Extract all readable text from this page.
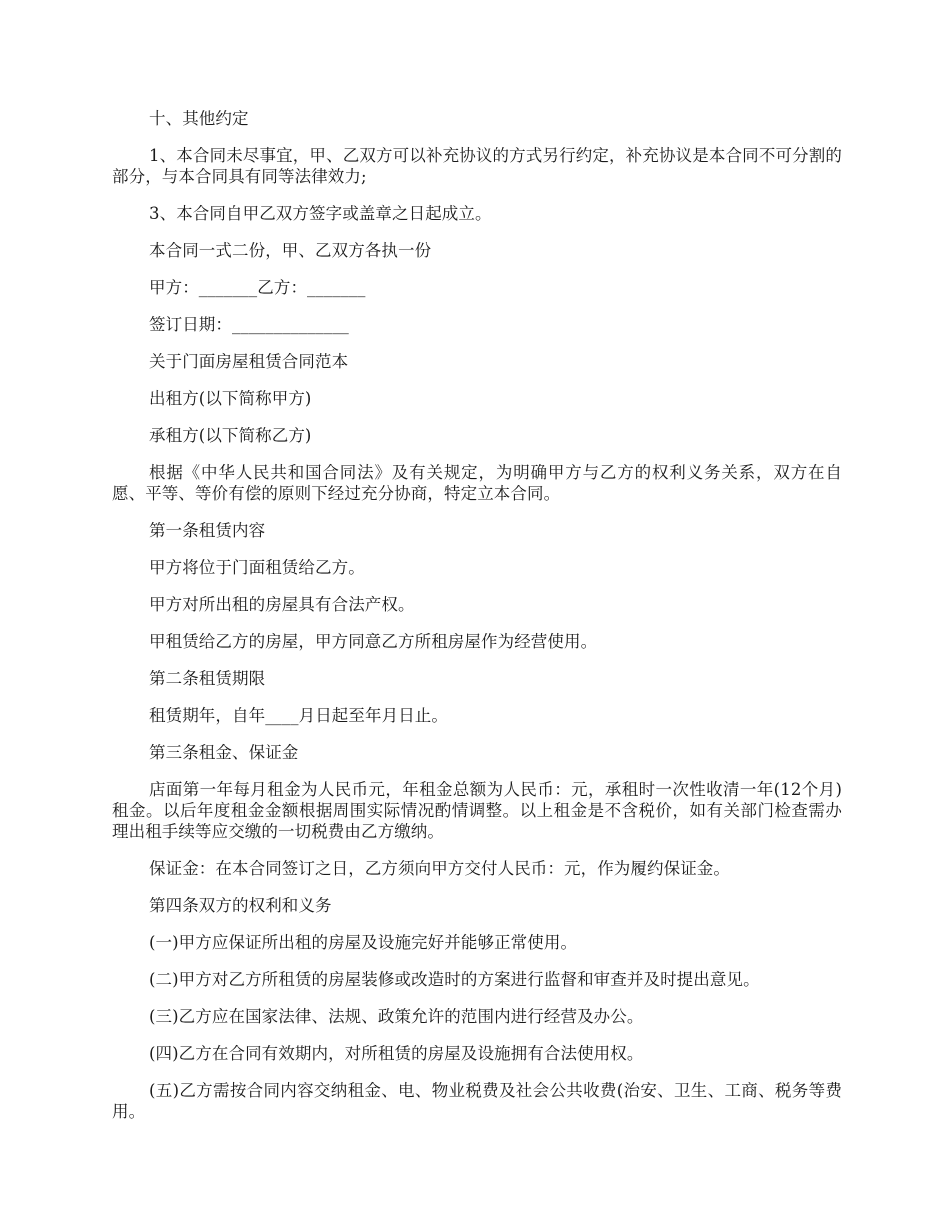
十、其他约定

1、本合同未尽事宜，甲、乙双方可以补充协议的方式另行约定，补充协议是本合同不可分割的部分，与本合同具有同等法律效力;

3、本合同自甲乙双方签字或盖章之日起成立。

本合同一式二份，甲、乙双方各执一份

甲方：_______乙方：_______

签订日期：______________

关于门面房屋租赁合同范本

出租方(以下简称甲方)

承租方(以下简称乙方)

根据《中华人民共和国合同法》及有关规定，为明确甲方与乙方的权利义务关系，双方在自愿、平等、等价有偿的原则下经过充分协商，特定立本合同。

第一条租赁内容

甲方将位于门面租赁给乙方。

甲方对所出租的房屋具有合法产权。

甲租赁给乙方的房屋，甲方同意乙方所租房屋作为经营使用。

第二条租赁期限

租赁期年，自年____月日起至年月日止。

第三条租金、保证金

店面第一年每月租金为人民币元，年租金总额为人民币：元，承租时一次性收清一年(12个月)租金。以后年度租金金额根据周围实际情况酌情调整。以上租金是不含税价，如有关部门检查需办理出租手续等应交缴的一切税费由乙方缴纳。

保证金：在本合同签订之日，乙方须向甲方交付人民币：元，作为履约保证金。

第四条双方的权利和义务

(一)甲方应保证所出租的房屋及设施完好并能够正常使用。

(二)甲方对乙方所租赁的房屋装修或改造时的方案进行监督和审查并及时提出意见。

(三)乙方应在国家法律、法规、政策允许的范围内进行经营及办公。

(四)乙方在合同有效期内，对所租赁的房屋及设施拥有合法使用权。

(五)乙方需按合同内容交纳租金、电、物业税费及社会公共收费(治安、卫生、工商、税务等费用。
